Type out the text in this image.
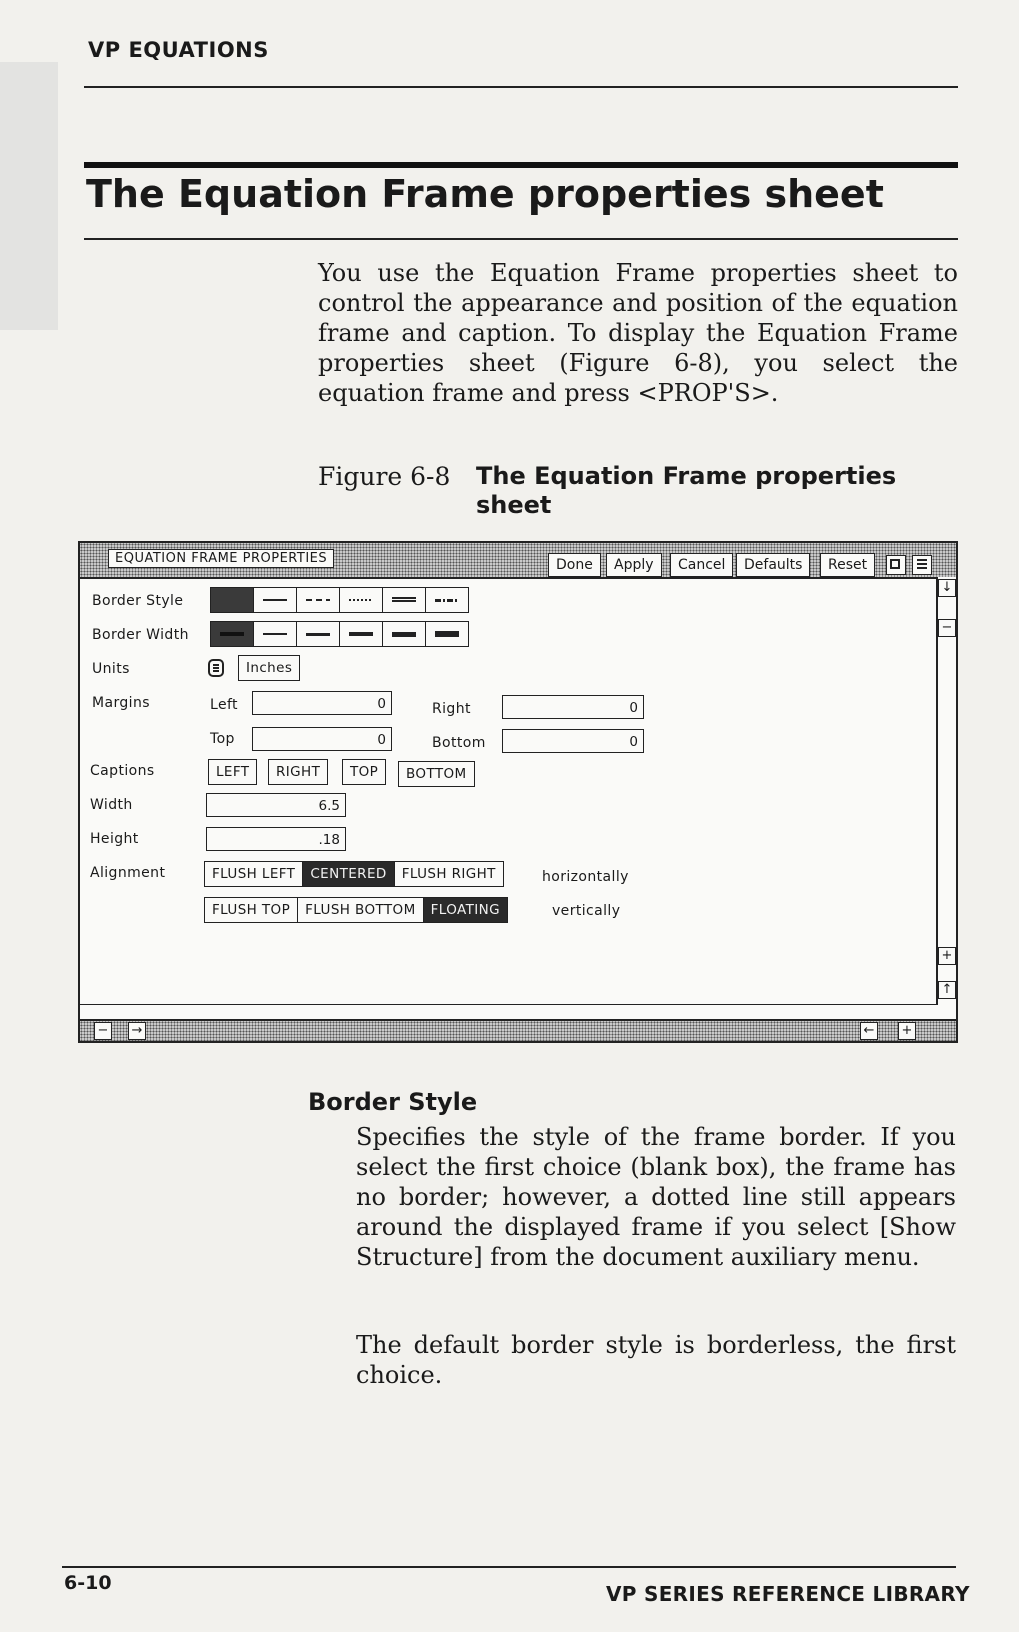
VP EQUATIONS
The Equation Frame properties sheet
You use the Equation Frame properties sheet to control the appearance and position of the equation frame and caption. To display the Equation Frame properties sheet (Figure 6-8), you select the equation frame and press <PROP'S>.
Figure 6-8 The Equation Frame properties sheet
EQUATION FRAME PROPERTIES	Done	Apply	Cancel	Defaults	Reset
Border Style
Border Width
Units	Inches
Margins	Left	0	Right	0
Top	0	Bottom	0
Captions	LEFT	RIGHT	TOP	BOTTOM
Width	6.5
Height	.18
Alignment	FLUSH LEFT	CENTERED	FLUSH RIGHT	horizontally
FLUSH TOP	FLUSH BOTTOM	FLOATING	vertically
↓
−
+
↑
− →	← +
Border Style
Specifies the style of the frame border. If you select the first choice (blank box), the frame has no border; however, a dotted line still appears around the displayed frame if you select [Show Structure] from the document auxiliary menu.
The default border style is borderless, the first choice.
6-10	VP SERIES REFERENCE LIBRARY
